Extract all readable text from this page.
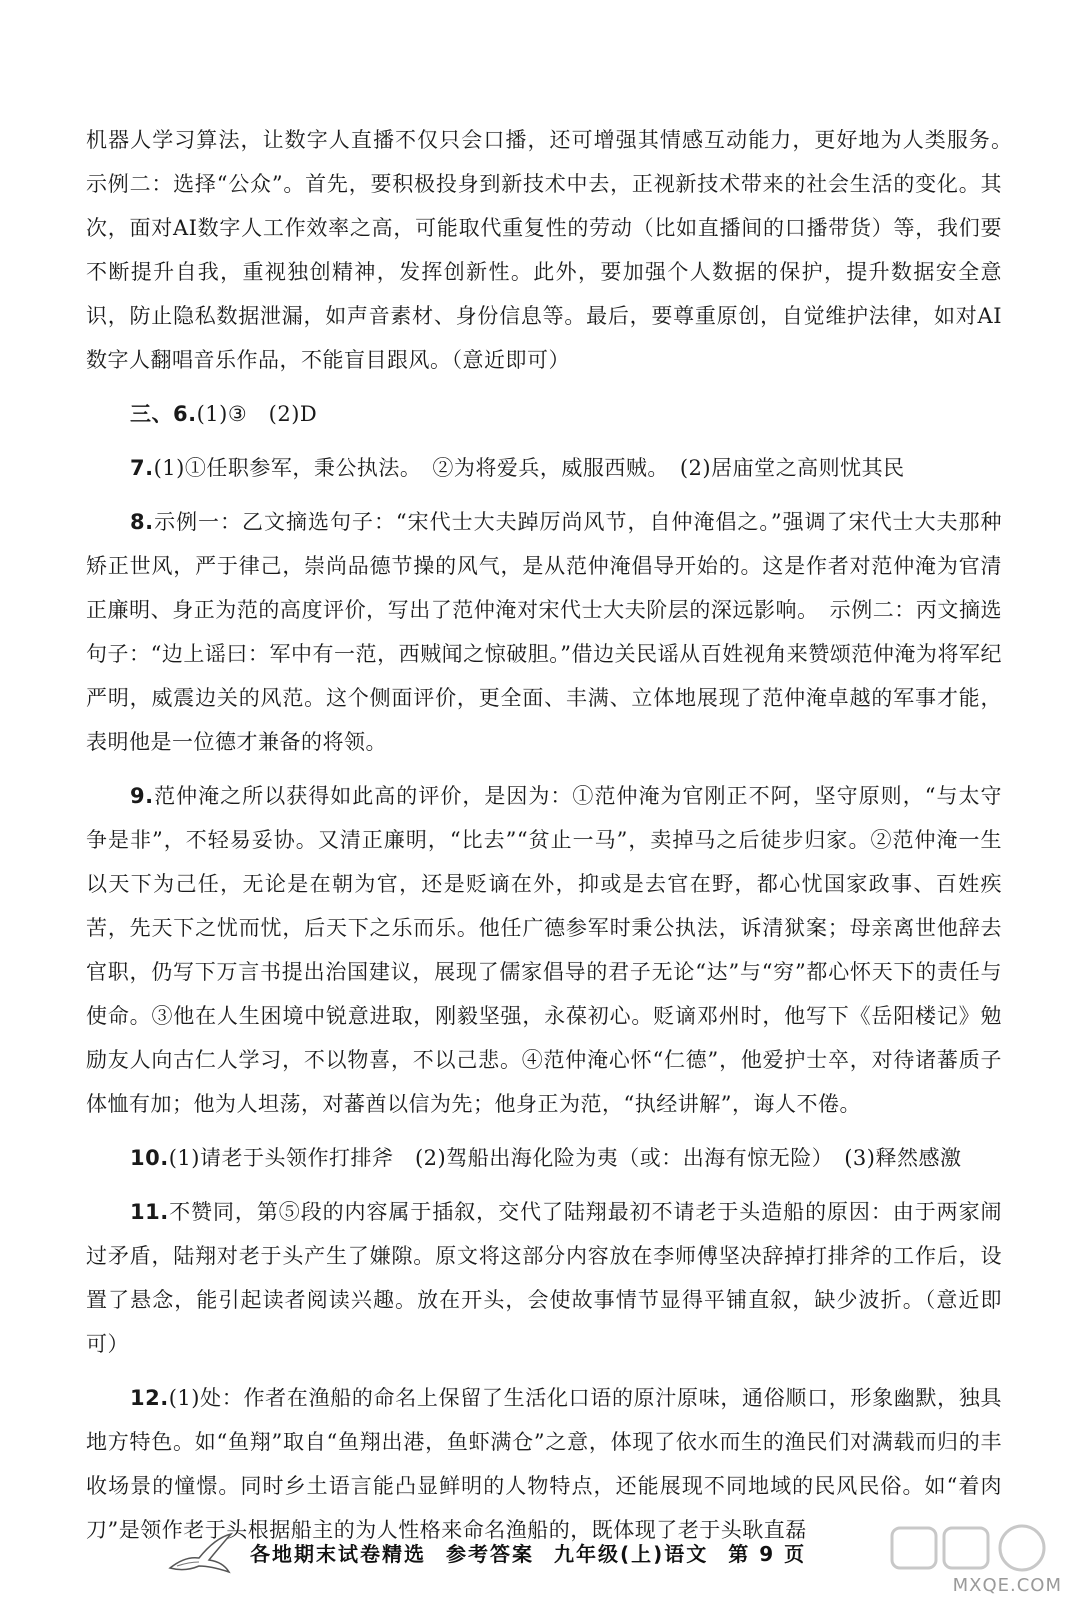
机器人学习算法，让数字人直播不仅只会口播，还可增强其情感互动能力，更好地为人类服务。　示例二：选择“公众”。首先，要积极投身到新技术中去，正视新技术带来的社会生活的变化。其次，面对AI数字人工作效率之高，可能取代重复性的劳动（比如直播间的口播带货）等，我们要不断提升自我，重视独创精神，发挥创新性。此外，要加强个人数据的保护，提升数据安全意识，防止隐私数据泄漏，如声音素材、身份信息等。最后，要尊重原创，自觉维护法律，如对AI数字人翻唱音乐作品，不能盲目跟风。（意近即可）

三、6.(1)③　(2)D
7.(1)①任职参军，秉公执法。　②为将爱兵，威服西贼。　(2)居庙堂之高则忧其民
8.示例一：乙文摘选句子：“宋代士大夫踔厉尚风节，自仲淹倡之。”强调了宋代士大夫那种矫正世风，严于律己，崇尚品德节操的风气，是从范仲淹倡导开始的。这是作者对范仲淹为官清正廉明、身正为范的高度评价，写出了范仲淹对宋代士大夫阶层的深远影响。　示例二：丙文摘选句子：“边上谣曰：军中有一范，西贼闻之惊破胆。”借边关民谣从百姓视角来赞颂范仲淹为将军纪严明，威震边关的风范。这个侧面评价，更全面、丰满、立体地展现了范仲淹卓越的军事才能，表明他是一位德才兼备的将领。
9.范仲淹之所以获得如此高的评价，是因为：①范仲淹为官刚正不阿，坚守原则，“与太守争是非”，不轻易妥协。又清正廉明，“比去”“贫止一马”，卖掉马之后徒步归家。②范仲淹一生以天下为己任，无论是在朝为官，还是贬谪在外，抑或是去官在野，都心忧国家政事、百姓疾苦，先天下之忧而忧，后天下之乐而乐。他任广德参军时秉公执法，诉清狱案；母亲离世他辞去官职，仍写下万言书提出治国建议，展现了儒家倡导的君子无论“达”与“穷”都心怀天下的责任与使命。③他在人生困境中锐意进取，刚毅坚强，永葆初心。贬谪邓州时，他写下《岳阳楼记》勉励友人向古仁人学习，不以物喜，不以己悲。④范仲淹心怀“仁德”，他爱护士卒，对待诸蕃质子体恤有加；他为人坦荡，对蕃酋以信为先；他身正为范，“执经讲解”，诲人不倦。
10.(1)请老于头领作打排斧　(2)驾船出海化险为夷（或：出海有惊无险）　(3)释然感激
11.不赞同，第⑤段的内容属于插叙，交代了陆翔最初不请老于头造船的原因：由于两家闹过矛盾，陆翔对老于头产生了嫌隙。原文将这部分内容放在李师傅坚决辞掉打排斧的工作后，设置了悬念，能引起读者阅读兴趣。放在开头，会使故事情节显得平铺直叙，缺少波折。（意近即可）
12.(1)处：作者在渔船的命名上保留了生活化口语的原汁原味，通俗顺口，形象幽默，独具地方特色。如“鱼翔”取自“鱼翔出港，鱼虾满仓”之意，体现了依水而生的渔民们对满载而归的丰收场景的憧憬。同时乡土语言能凸显鲜明的人物特点，还能展现不同地域的民风民俗。如“着肉刀”是领作老于头根据船主的为人性格来命名渔船的，既体现了老于头耿直磊
各地期末试卷精选 参考答案 九年级(上)语文 第 9 页
MXQE.COM
